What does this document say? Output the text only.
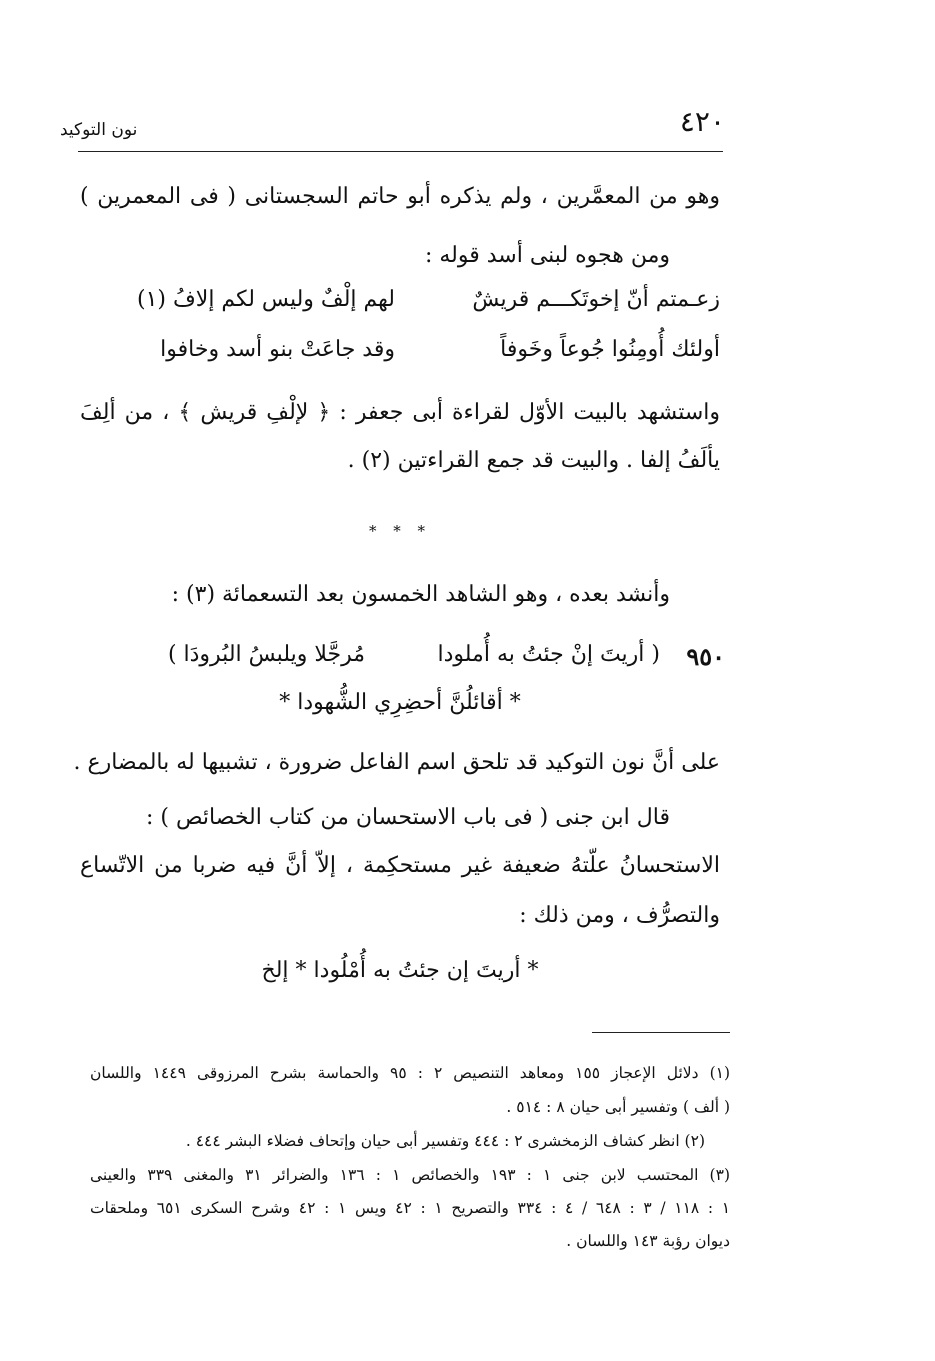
٤٢٠
نون التوكيد
وهو من المعمَّرين ، ولم يذكره أبو حاتم السجستانى ( فى المعمرين )
ومن هجوه لبنى أسد قوله :
زعـمتم أنّ إخوتَكـــم قريشٌ
لهم إلْفٌ وليس لكم إلافُ (١)
أولئك أُومِنُوا جُوعاً وخَوفاً
وقد جاعَتْ بنو أسد وخافوا
واستشهد بالبيت الأوّل لقراءة أبى جعفر : ﴿ لإلْفِ قريش ﴾ ، من ألِفَ
يألَفُ إلفا . والبيت قد جمع القراءتين (٢) .
* * *
وأنشد بعده ، وهو الشاهد الخمسون بعد التسعمائة (٣) :
٩٥٠
( أريتَ إنْ جئتُ به أُملودا
مُرجَّلا ويلبسُ البُرودَا )
* أقائلُنَّ أحضِرِي الشُّهودا *
على أنَّ نون التوكيد قد تلحق اسم الفاعل ضرورة ، تشبيها له بالمضارع .
قال ابن جنى ( فى باب الاستحسان من كتاب الخصائص ) :
الاستحسانُ علّتهُ ضعيفة غير مستحكِمة ، إلاّ أنَّ فيه ضربا من الاتّساع
والتصرُّف ، ومن ذلك :
* أريتَ إن جئتُ به أُمْلُودا * إلخ
(١) دلائل الإعجاز ١٥٥ ومعاهد التنصيص ٢ : ٩٥ والحماسة بشرح المرزوقى ١٤٤٩ واللسان
( ألف ) وتفسير أبى حيان ٨ : ٥١٤ .
(٢) انظر كشاف الزمخشرى ٢ : ٤٤٤ وتفسير أبى حيان وإتحاف فضلاء البشر ٤٤٤ .
(٣) المحتسب لابن جنى ١ : ١٩٣ والخصائص ١ : ١٣٦ والضرائر ٣١ والمغنى ٣٣٩ والعينى
١ : ١١٨ / ٣ : ٦٤٨ / ٤ : ٣٣٤ والتصريح ١ : ٤٢ ويس ١ : ٤٢ وشرح السكرى ٦٥١ وملحقات
ديوان رؤبة ١٤٣ واللسان .
